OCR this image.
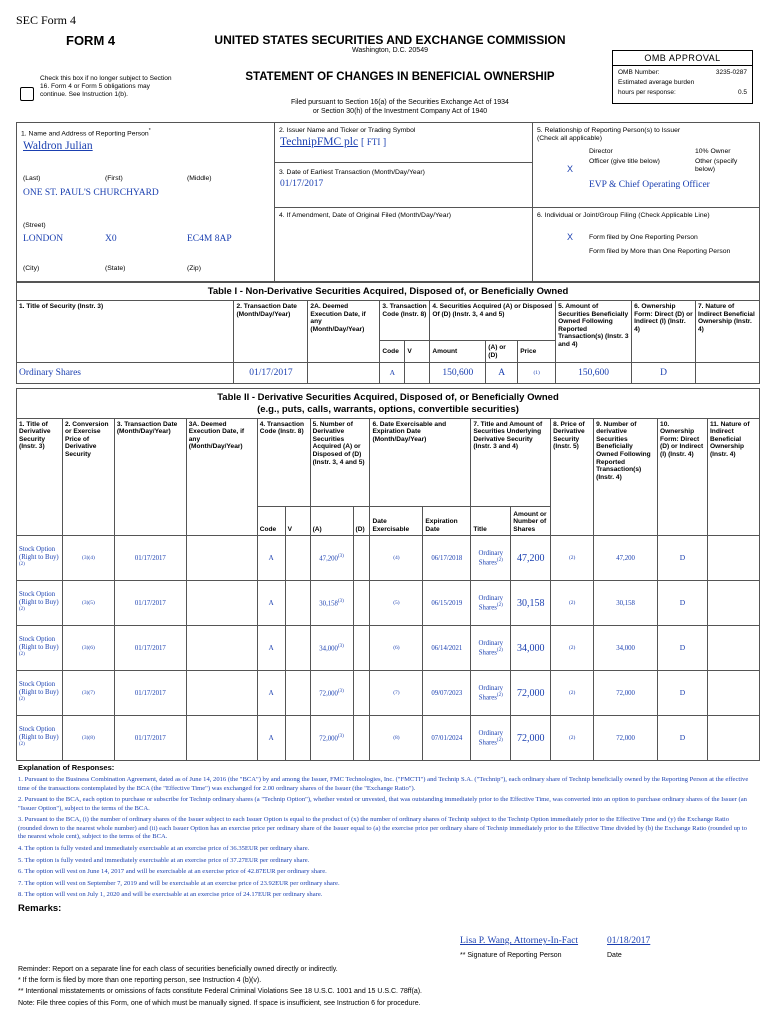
SEC Form 4
FORM 4	UNITED STATES SECURITIES AND EXCHANGE COMMISSION
Washington, D.C. 20549
Check this box if no longer subject to Section 16. Form 4 or Form 5 obligations may continue. See Instruction 1(b).
STATEMENT OF CHANGES IN BENEFICIAL OWNERSHIP
Filed pursuant to Section 16(a) of the Securities Exchange Act of 1934
or Section 30(h) of the Investment Company Act of 1940
OMB APPROVAL
OMB Number:	3235-0287
Estimated average burden
hours per response:	0.5
1. Name and Address of Reporting Person*
Waldron Julian
(Last)	(First)	(Middle)
ONE ST. PAUL'S CHURCHYARD
(Street)
LONDON	X0	EC4M 8AP
(City)	(State)	(Zip)
2. Issuer Name and Ticker or Trading Symbol
TechnipFMC plc [ FTI ]
3. Date of Earliest Transaction (Month/Day/Year)
01/17/2017
4. If Amendment, Date of Original Filed (Month/Day/Year)
5. Relationship of Reporting Person(s) to Issuer
(Check all applicable)
Director	10% Owner
X
Officer (give title below)	Other (specify below)
EVP & Chief Operating Officer
6. Individual or Joint/Group Filing (Check Applicable Line)
X Form filed by One Reporting Person
Form filed by More than One Reporting Person
Table I - Non-Derivative Securities Acquired, Disposed of, or Beneficially Owned
1. Title of Security (Instr. 3)	2. Transaction Date (Month/Day/Year)	2A. Deemed Execution Date, if any (Month/Day/Year)	3. Transaction Code (Instr. 8)		4. Securities Acquired (A) or Disposed Of (D) (Instr. 3, 4 and 5)			5. Amount of Securities Beneficially Owned Following Reported Transaction(s) (Instr. 3 and 4)	6. Ownership Form: Direct (D) or Indirect (I) (Instr. 4)	7. Nature of Indirect Beneficial Ownership (Instr. 4)
			Code	V	Amount	(A) or (D)	Price			
Ordinary Shares	01/17/2017		A		150,600	A	(1)	150,600	D	
Table II - Derivative Securities Acquired, Disposed of, or Beneficially Owned
(e.g., puts, calls, warrants, options, convertible securities)
1. Title of Derivative Security (Instr. 3)	2. Conversion or Exercise Price of Derivative Security	3. Transaction Date (Month/Day/Year)	3A. Deemed Execution Date, if any (Month/Day/Year)	4. Transaction Code (Instr. 8)		5. Number of Derivative Securities Acquired (A) or Disposed of (D) (Instr. 3, 4 and 5)		6. Date Exercisable and Expiration Date (Month/Day/Year)		7. Title and Amount of Securities Underlying Derivative Security (Instr. 3 and 4)		8. Price of Derivative Security (Instr. 5)	9. Number of derivative Securities Beneficially Owned Following Reported Transaction(s) (Instr. 4)	10. Ownership Form: Direct (D) or Indirect (I) (Instr. 4)	11. Nature of Indirect Beneficial Ownership (Instr. 4)
				Code	V	(A)	(D)	Date Exercisable	Expiration Date	Title	Amount or Number of Shares				
Stock Option (Right to Buy)$^{(2)}$	(3)(4)	01/17/2017		A		47,200$^{(3)}$		(4)	06/17/2018	Ordinary Shares$^{(2)}$	47,200	(2)	47,200	D	
Stock Option (Right to Buy)$^{(2)}$	(3)(5)	01/17/2017		A		30,158$^{(3)}$		(5)	06/15/2019	Ordinary Shares$^{(2)}$	30,158	(2)	30,158	D	
Stock Option (Right to Buy)$^{(2)}$	(3)(6)	01/17/2017		A		34,000$^{(3)}$		(6)	06/14/2021	Ordinary Shares$^{(2)}$	34,000	(2)	34,000	D	
Stock Option (Right to Buy)$^{(2)}$	(3)(7)	01/17/2017		A		72,000$^{(3)}$		(7)	09/07/2023	Ordinary Shares$^{(2)}$	72,000	(2)	72,000	D	
Stock Option (Right to Buy)$^{(2)}$	(3)(8)	01/17/2017		A		72,000$^{(3)}$		(8)	07/01/2024	Ordinary Shares$^{(2)}$	72,000	(2)	72,000	D	
Explanation of Responses:
1. Pursuant to the Business Combination Agreement, dated as of June 14, 2016 (the "BCA") by and among the Issuer, FMC Technologies, Inc. ("FMCTI") and Technip S.A. ("Technip"), each ordinary share of Technip beneficially owned by the Reporting Person at the effective time of the transactions contemplated by the BCA (the "Effective Time") was exchanged for 2.00 ordinary shares of the Issuer (the "Exchange Ratio").
2. Pursuant to the BCA, each option to purchase or subscribe for Technip ordinary shares (a "Technip Option"), whether vested or unvested, that was outstanding immediately prior to the Effective Time, was converted into an option to purchase ordinary shares of the Issuer (an "Issuer Option"), subject to the terms of the BCA.
3. Pursuant to the BCA, (i) the number of ordinary shares of the Issuer subject to each Issuer Option is equal to the product of (x) the number of ordinary shares of Technip subject to the Technip Option immediately prior to the Effective Time and (y) the Exchange Ratio (rounded down to the nearest whole number) and (ii) each Issuer Option has an exercise price per ordinary share of the Issuer equal to (a) the exercise price per ordinary share of Technip immediately prior to the Effective Time divided by (b) the Exchange Ratio (rounded up to the nearest whole cent), subject to the terms of the BCA.
4. The option is fully vested and immediately exercisable at an exercise price of 36.35EUR per ordinary share.
5. The option is fully vested and immediately exercisable at an exercise price of 37.27EUR per ordinary share.
6. The option will vest on June 14, 2017 and will be exercisable at an exercise price of 42.87EUR per ordinary share.
7. The option will vest on September 7, 2019 and will be exercisable at an exercise price of 23.92EUR per ordinary share.
8. The option will vest on July 1, 2020 and will be exercisable at an exercise price of 24.17EUR per ordinary share.
Remarks:
Lisa P. Wang, Attorney-In-Fact	01/18/2017
** Signature of Reporting Person	Date
Reminder: Report on a separate line for each class of securities beneficially owned directly or indirectly.
* If the form is filed by more than one reporting person, see Instruction 4 (b)(v).
** Intentional misstatements or omissions of facts constitute Federal Criminal Violations See 18 U.S.C. 1001 and 15 U.S.C. 78ff(a).
Note: File three copies of this Form, one of which must be manually signed. If space is insufficient, see Instruction 6 for procedure.
